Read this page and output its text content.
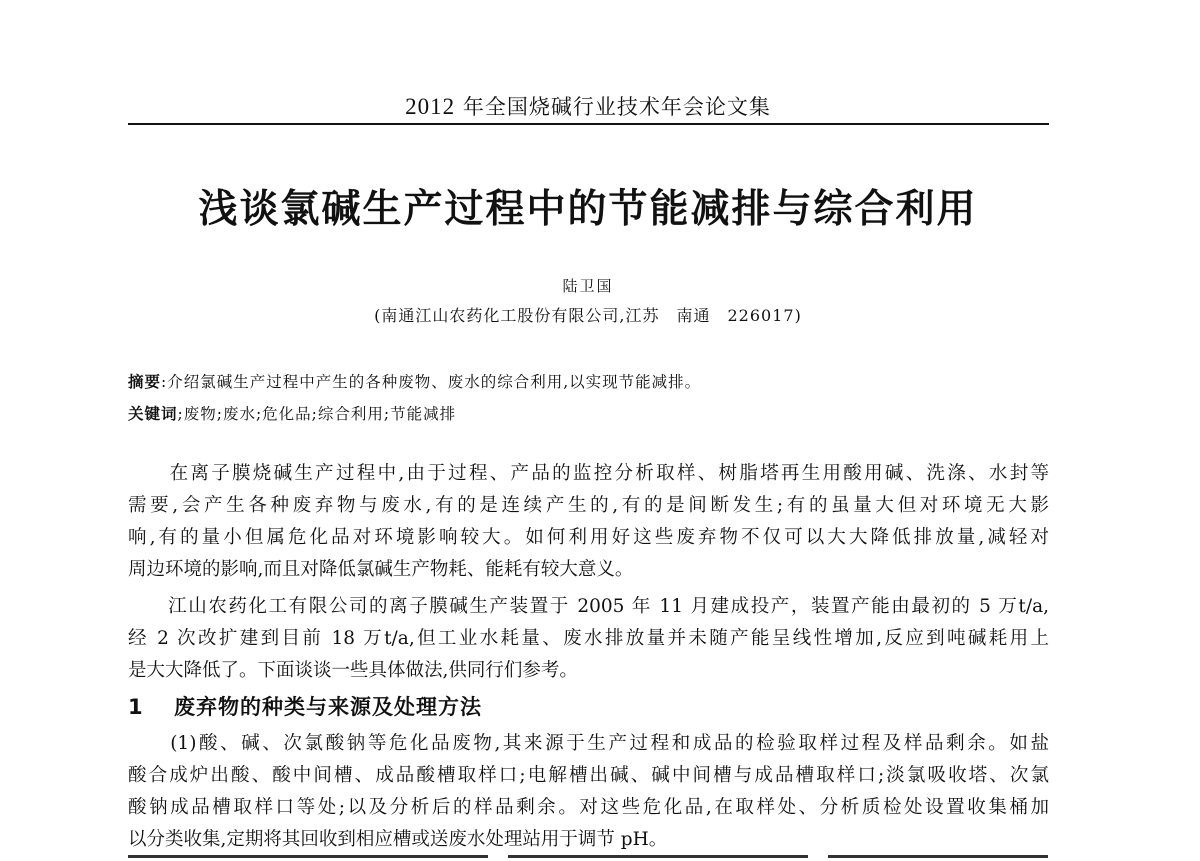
2012 年全国烧碱行业技术年会论文集
浅谈氯碱生产过程中的节能减排与综合利用
陆卫国
(南通江山农药化工股份有限公司,江苏　南通　226017)
摘要:介绍氯碱生产过程中产生的各种废物、废水的综合利用,以实现节能减排。
关键词;废物;废水;危化品;综合利用;节能减排
　　在离子膜烧碱生产过程中,由于过程、产品的监控分析取样、树脂塔再生用酸用碱、洗涤、水封等
需要,会产生各种废弃物与废水,有的是连续产生的,有的是间断发生;有的虽量大但对环境无大影
响,有的量小但属危化品对环境影响较大。如何利用好这些废弃物不仅可以大大降低排放量,减轻对
周边环境的影响,而且对降低氯碱生产物耗、能耗有较大意义。
　　江山农药化工有限公司的离子膜碱生产装置于 2005 年 11 月建成投产，装置产能由最初的 5 万t/a,
经 2 次改扩建到目前 18 万t/a,但工业水耗量、废水排放量并未随产能呈线性增加,反应到吨碱耗用上
是大大降低了。下面谈谈一些具体做法,供同行们参考。
1 废弃物的种类与来源及处理方法
　　(1)酸、碱、次氯酸钠等危化品废物,其来源于生产过程和成品的检验取样过程及样品剩余。如盐
酸合成炉出酸、酸中间槽、成品酸槽取样口;电解槽出碱、碱中间槽与成品槽取样口;淡氯吸收塔、次氯
酸钠成品槽取样口等处;以及分析后的样品剩余。对这些危化品,在取样处、分析质检处设置收集桶加
以分类收集,定期将其回收到相应槽或送废水处理站用于调节 pH。
